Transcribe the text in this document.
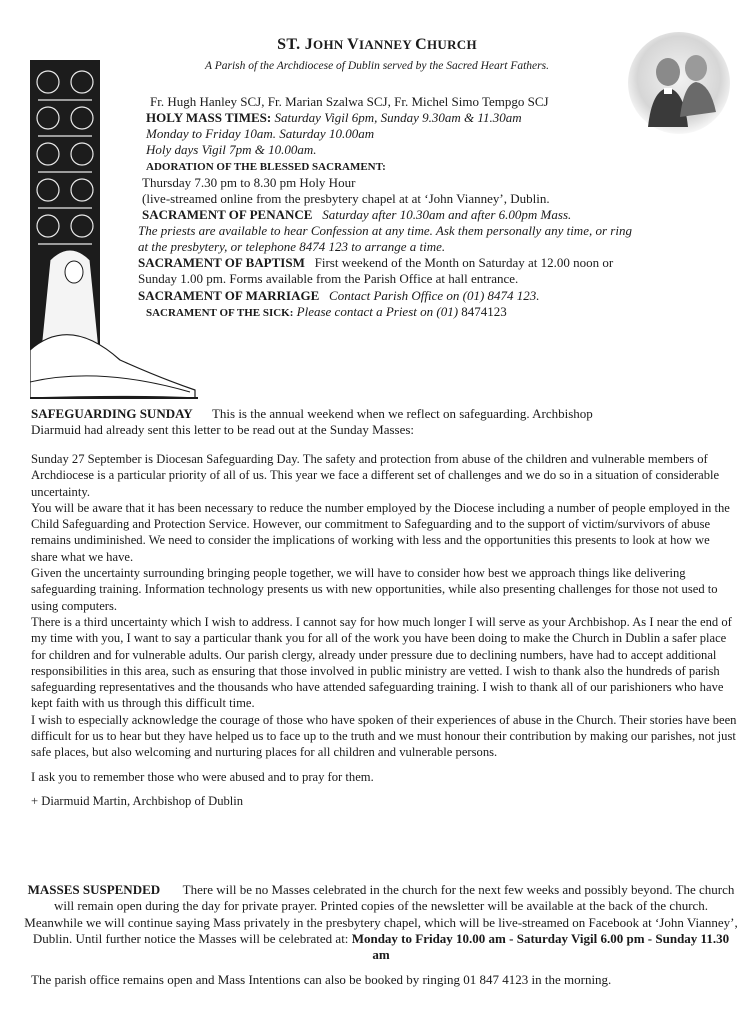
ST. JOHN VIANNEY CHURCH
A Parish of the Archdiocese of Dublin served by the Sacred Heart Fathers.
Fr. Hugh Hanley SCJ, Fr. Marian Szalwa SCJ, Fr. Michel Simo Tempgo SCJ
HOLY MASS TIMES: Saturday Vigil 6pm, Sunday 9.30am & 11.30am
Monday to Friday 10am. Saturday 10.00am
Holy days Vigil 7pm & 10.00am.
ADORATION OF THE BLESSED SACRAMENT:
Thursday 7.30 pm to 8.30 pm Holy Hour
(live-streamed online from the presbytery chapel at at ‘John Vianney’, Dublin.
SACRAMENT OF PENANCE Saturday after 10.30am and after 6.00pm Mass.
The priests are available to hear Confession at any time. Ask them personally any time, or ring
at the presbytery, or telephone 8474 123 to arrange a time.
SACRAMENT OF BAPTISM First weekend of the Month on Saturday at 12.00 noon or
Sunday 1.00 pm. Forms available from the Parish Office at hall entrance.
SACRAMENT OF MARRIAGE Contact Parish Office on (01) 8474 123.
SACRAMENT OF THE SICK: Please contact a Priest on (01) 8474123
SAFEGUARDING SUNDAY This is the annual weekend when we reflect on safeguarding. Archbishop
Diarmuid had already sent this letter to be read out at the Sunday Masses:

Sunday 27 September is Diocesan Safeguarding Day. The safety and protection from abuse of the children and vulnerable members of Archdiocese is a particular priority of all of us. This year we face a different set of challenges and we do so in a situation of considerable uncertainty.

You will be aware that it has been necessary to reduce the number employed by the Diocese including a number of people employed in the Child Safeguarding and Protection Service. However, our commitment to Safeguarding and to the support of victim/survivors of abuse remains undiminished. We need to consider the implications of working with less and the opportunities this presents to look at how we share what we have.

Given the uncertainty surrounding bringing people together, we will have to consider how best we approach things like delivering safeguarding training. Information technology presents us with new opportunities, while also presenting challenges for those not used to using computers.

There is a third uncertainty which I wish to address. I cannot say for how much longer I will serve as your Archbishop. As I near the end of my time with you, I want to say a particular thank you for all of the work you have been doing to make the Church in Dublin a safer place for children and for vulnerable adults. Our parish clergy, already under pressure due to declining numbers, have had to accept additional responsibilities in this area, such as ensuring that those involved in public ministry are vetted. I wish to thank also the hundreds of parish safeguarding representatives and the thousands who have attended safeguarding training. I wish to thank all of our parishioners who have kept faith with us through this difficult time.

I wish to especially acknowledge the courage of those who have spoken of their experiences of abuse in the Church. Their stories have been difficult for us to hear but they have helped us to face up to the truth and we must honour their contribution by making our parishes, not just safe places, but also welcoming and nurturing places for all children and vulnerable persons.

I ask you to remember those who were abused and to pray for them.

+ Diarmuid Martin, Archbishop of Dublin

MASSES SUSPENDED There will be no Masses celebrated in the church for the next few weeks and possibly beyond. The church will remain open during the day for private prayer. Printed copies of the newsletter will be available at the back of the church. Meanwhile we will continue saying Mass privately in the presbytery chapel, which will be live-streamed on Facebook at ‘John Vianney’, Dublin. Until further notice the Masses will be celebrated at: Monday to Friday 10.00 am - Saturday Vigil 6.00 pm - Sunday 11.30 am
The parish office remains open and Mass Intentions can also be booked by ringing 01 847 4123 in the morning.
